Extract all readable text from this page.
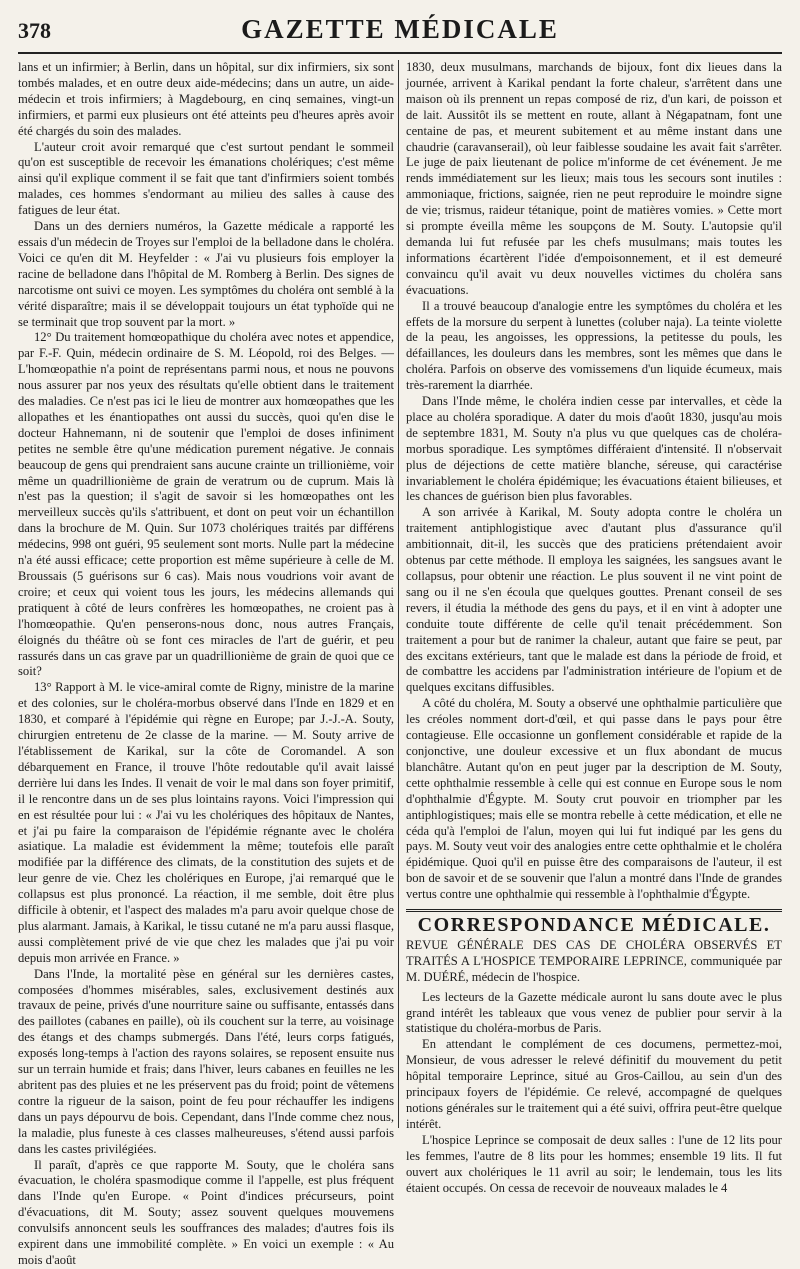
378	GAZETTE MÉDICALE

lans et un infirmier; à Berlin, dans un hôpital, sur dix infirmiers, six sont tombés malades, et en outre deux aide-médecins; dans un autre, un aide-médecin et trois infirmiers; à Magdebourg, en cinq semaines, vingt-un infirmiers, et parmi eux plusieurs ont été atteints peu d'heures après avoir été chargés du soin des malades.

L'auteur croit avoir remarqué que c'est surtout pendant le sommeil qu'on est susceptible de recevoir les émanations cholériques; c'est même ainsi qu'il explique comment il se fait que tant d'infirmiers soient tombés malades, ces hommes s'endormant au milieu des salles à cause des fatigues de leur état.

Dans un des derniers numéros, la Gazette médicale a rapporté les essais d'un médecin de Troyes sur l'emploi de la belladone dans le choléra. Voici ce qu'en dit M. Heyfelder : « J'ai vu plusieurs fois employer la racine de belladone dans l'hôpital de M. Romberg à Berlin. Des signes de narcotisme ont suivi ce moyen. Les symptômes du choléra ont semblé à la vérité disparaître; mais il se développait toujours un état typhoïde qui ne se terminait que trop souvent par la mort. »

12° Du traitement homœopathique du choléra avec notes et appendice, par F.-F. Quin, médecin ordinaire de S. M. Léopold, roi des Belges. — L'homœopathie n'a point de représentans parmi nous, et nous ne pouvons nous assurer par nos yeux des résultats qu'elle obtient dans le traitement des maladies. Ce n'est pas ici le lieu de montrer aux homœopathes que les allopathes et les énantiopathes ont aussi du succès, quoi qu'en dise le docteur Hahnemann, ni de soutenir que l'emploi de doses infiniment petites ne semble être qu'une médication purement négative. Je connais beaucoup de gens qui prendraient sans aucune crainte un trillionième, voir même un quadrillionième de grain de veratrum ou de cuprum. Mais là n'est pas la question; il s'agit de savoir si les homœopathes ont les merveilleux succès qu'ils s'attribuent, et dont on peut voir un échantillon dans la brochure de M. Quin. Sur 1073 cholériques traités par différens médecins, 998 ont guéri, 95 seulement sont morts. Nulle part la médecine n'a été aussi efficace; cette proportion est même supérieure à celle de M. Broussais (5 guérisons sur 6 cas). Mais nous voudrions voir avant de croire; et ceux qui voient tous les jours, les médecins allemands qui pratiquent à côté de leurs confrères les homœopathes, ne croient pas à l'homœopathie. Qu'en penserons-nous donc, nous autres Français, éloignés du théâtre où se font ces miracles de l'art de guérir, et peu rassurés dans un cas grave par un quadrillionième de grain de quoi que ce soit?

13° Rapport à M. le vice-amiral comte de Rigny, ministre de la marine et des colonies, sur le choléra-morbus observé dans l'Inde en 1829 et en 1830, et comparé à l'épidémie qui règne en Europe; par J.-J.-A. Souty, chirurgien entretenu de 2e classe de la marine. — M. Souty arrive de l'établissement de Karikal, sur la côte de Coromandel. A son débarquement en France, il trouve l'hôte redoutable qu'il avait laissé derrière lui dans les Indes. Il venait de voir le mal dans son foyer primitif, il le rencontre dans un de ses plus lointains rayons. Voici l'impression qui en est résultée pour lui : « J'ai vu les cholériques des hôpitaux de Nantes, et j'ai pu faire la comparaison de l'épidémie régnante avec le choléra asiatique. La maladie est évidemment la même; toutefois elle paraît modifiée par la différence des climats, de la constitution des sujets et de leur genre de vie. Chez les cholériques en Europe, j'ai remarqué que le collapsus est plus prononcé. La réaction, il me semble, doit être plus difficile à obtenir, et l'aspect des malades m'a paru avoir quelque chose de plus alarmant. Jamais, à Karikal, le tissu cutané ne m'a paru aussi flasque, aussi complètement privé de vie que chez les malades que j'ai pu voir depuis mon arrivée en France. »

Dans l'Inde, la mortalité pèse en général sur les dernières castes, composées d'hommes misérables, sales, exclusivement destinés aux travaux de peine, privés d'une nourriture saine ou suffisante, entassés dans des paillotes (cabanes en paille), où ils couchent sur la terre, au voisinage des étangs et des champs submergés. Dans l'été, leurs corps fatigués, exposés long-temps à l'action des rayons solaires, se reposent ensuite nus sur un terrain humide et frais; dans l'hiver, leurs cabanes en feuilles ne les abritent pas des pluies et ne les préservent pas du froid; point de vêtemens contre la rigueur de la saison, point de feu pour réchauffer les indigens dans un pays dépourvu de bois. Cependant, dans l'Inde comme chez nous, la maladie, plus funeste à ces classes malheureuses, s'étend aussi parfois dans les castes privilégiées.

Il paraît, d'après ce que rapporte M. Souty, que le choléra sans évacuation, le choléra spasmodique comme il l'appelle, est plus fréquent dans l'Inde qu'en Europe. « Point d'indices précurseurs, point d'évacuations, dit M. Souty; assez souvent quelques mouvemens convulsifs annoncent seuls les souffrances des malades; d'autres fois ils expirent dans une immobilité complète. » En voici un exemple : « Au mois d'août

1830, deux musulmans, marchands de bijoux, font dix lieues dans la journée, arrivent à Karikal pendant la forte chaleur, s'arrêtent dans une maison où ils prennent un repas composé de riz, d'un kari, de poisson et de lait. Aussitôt ils se mettent en route, allant à Négapatnam, font une centaine de pas, et meurent subitement et au même instant dans une chaudrie (caravanserail), où leur faiblesse soudaine les avait fait s'arrêter. Le juge de paix lieutenant de police m'informe de cet événement. Je me rends immédiatement sur les lieux; mais tous les secours sont inutiles : ammoniaque, frictions, saignée, rien ne peut reproduire le moindre signe de vie; trismus, raideur tétanique, point de matières vomies. » Cette mort si prompte éveilla même les soupçons de M. Souty. L'autopsie qu'il demanda lui fut refusée par les chefs musulmans; mais toutes les informations écartèrent l'idée d'empoisonnement, et il est demeuré convaincu qu'il avait vu deux nouvelles victimes du choléra sans évacuations.

Il a trouvé beaucoup d'analogie entre les symptômes du choléra et les effets de la morsure du serpent à lunettes (coluber naja). La teinte violette de la peau, les angoisses, les oppressions, la petitesse du pouls, les défaillances, les douleurs dans les membres, sont les mêmes que dans le choléra. Parfois on observe des vomissemens d'un liquide écumeux, mais très-rarement la diarrhée.

Dans l'Inde même, le choléra indien cesse par intervalles, et cède la place au choléra sporadique. A dater du mois d'août 1830, jusqu'au mois de septembre 1831, M. Souty n'a plus vu que quelques cas de choléra-morbus sporadique. Les symptômes différaient d'intensité. Il n'observait plus de déjections de cette matière blanche, séreuse, qui caractérise invariablement le choléra épidémique; les évacuations étaient bilieuses, et les chances de guérison bien plus favorables.

A son arrivée à Karikal, M. Souty adopta contre le choléra un traitement antiphlogistique avec d'autant plus d'assurance qu'il ambitionnait, dit-il, les succès que des praticiens prétendaient avoir obtenus par cette méthode. Il employa les saignées, les sangsues avant le collapsus, pour obtenir une réaction. Le plus souvent il ne vint point de sang ou il ne s'en écoula que quelques gouttes. Prenant conseil de ses revers, il étudia la méthode des gens du pays, et il en vint à adopter une conduite toute différente de celle qu'il tenait précédemment. Son traitement a pour but de ranimer la chaleur, autant que faire se peut, par des excitans extérieurs, tant que le malade est dans la période de froid, et de combattre les accidens par l'administration intérieure de l'opium et de quelques excitans diffusibles.

A côté du choléra, M. Souty a observé une ophthalmie particulière que les créoles nomment dort-d'œil, et qui passe dans le pays pour être contagieuse. Elle occasionne un gonflement considérable et rapide de la conjonctive, une douleur excessive et un flux abondant de mucus blanchâtre. Autant qu'on en peut juger par la description de M. Souty, cette ophthalmie ressemble à celle qui est connue en Europe sous le nom d'ophthalmie d'Égypte. M. Souty crut pouvoir en triompher par les antiphlogistiques; mais elle se montra rebelle à cette médication, et elle ne céda qu'à l'emploi de l'alun, moyen qui lui fut indiqué par les gens du pays. M. Souty veut voir des analogies entre cette ophthalmie et le choléra épidémique. Quoi qu'il en puisse être des comparaisons de l'auteur, il est bon de savoir et de se souvenir que l'alun a montré dans l'Inde de grandes vertus contre une ophthalmie qui ressemble à l'ophthalmie d'Égypte.

CORRESPONDANCE MÉDICALE.
REVUE GÉNÉRALE DES CAS DE CHOLÉRA OBSERVÉS ET TRAITÉS A L'HOSPICE TEMPORAIRE LEPRINCE, communiquée par M. DUÉRÉ, médecin de l'hospice.

Les lecteurs de la Gazette médicale auront lu sans doute avec le plus grand intérêt les tableaux que vous venez de publier pour servir à la statistique du choléra-morbus de Paris.

En attendant le complément de ces documens, permettez-moi, Monsieur, de vous adresser le relevé définitif du mouvement du petit hôpital temporaire Leprince, situé au Gros-Caillou, au sein d'un des principaux foyers de l'épidémie. Ce relevé, accompagné de quelques notions générales sur le traitement qui a été suivi, offrira peut-être quelque intérêt.

L'hospice Leprince se composait de deux salles : l'une de 12 lits pour les femmes, l'autre de 8 lits pour les hommes; ensemble 19 lits. Il fut ouvert aux cholériques le 11 avril au soir; le lendemain, tous les lits étaient occupés. On cessa de recevoir de nouveaux malades le 4
